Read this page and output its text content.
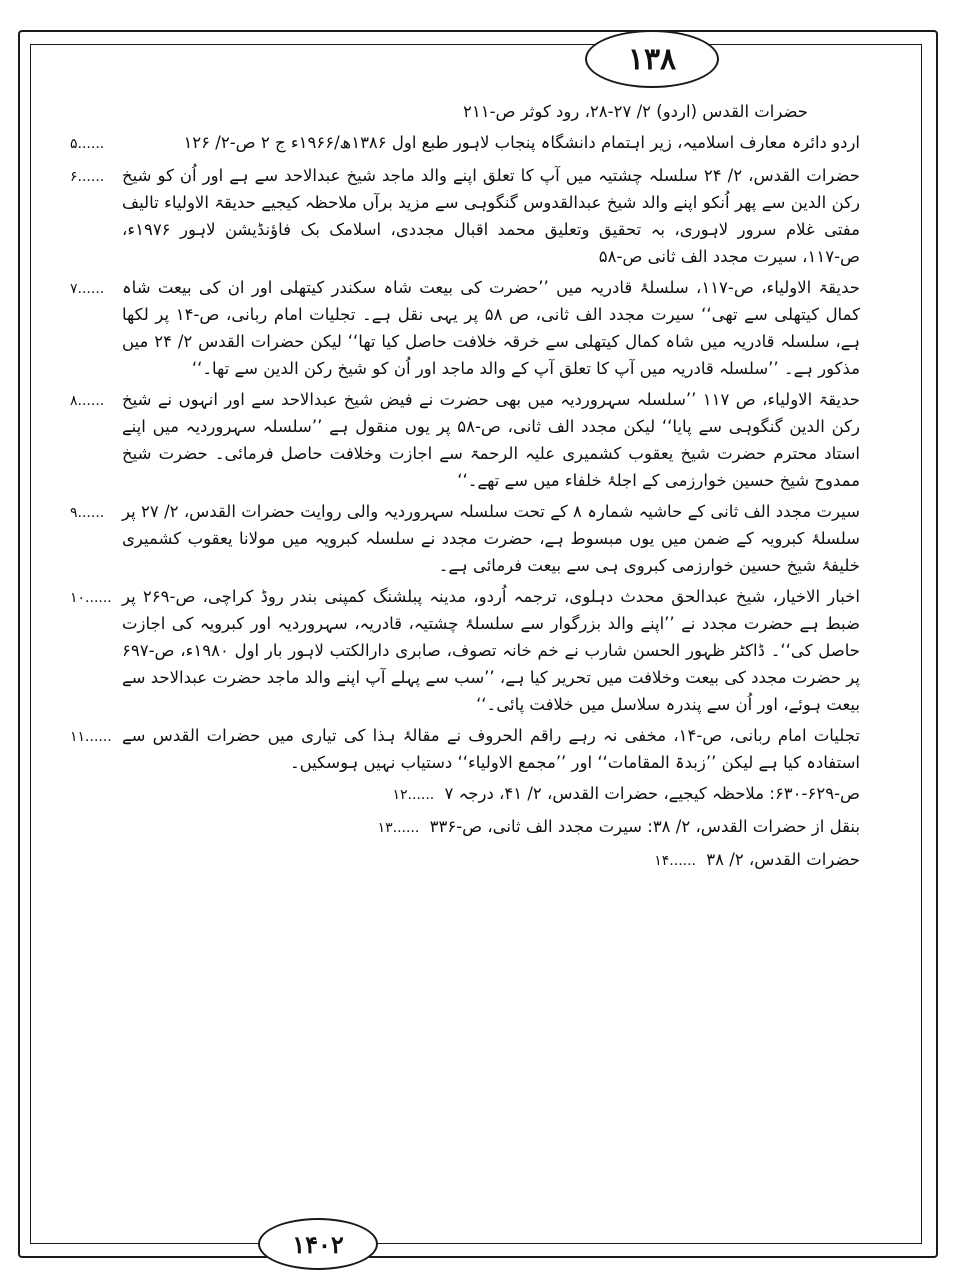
۱۳۸
حضرات القدس (اردو) ۲/ ۲۷-۲۸، رود کوثر ص-۲۱۱
اردو دائرہ معارف اسلامیہ، زیر اہتمام دانشگاہ پنجاب لاہور طبع اول ۱۳۸۶ھ/۱۹۶۶ء ج ۲ ص-۲/ ۱۲۶
۵......
حضرات القدس، ۲/ ۲۴ سلسلہ چشتیہ میں آپ کا تعلق اپنے والد ماجد شیخ عبدالاحد سے ہے اور اُن کو شیخ رکن الدین سے پھر اُنکو اپنے والد شیخ عبدالقدوس گنگوہی سے مزید برآں ملاحظہ کیجیے حدیقۃ الاولیاء تالیف مفتی غلام سرور لاہوری، بہ تحقیق وتعلیق محمد اقبال مجددی، اسلامک بک فاؤنڈیشن لاہور ۱۹۷۶ء، ص-۱۱۷، سیرت مجدد الف ثانی ص-۵۸
۶......
حدیقۃ الاولیاء، ص-۱۱۷، سلسلۂ قادریہ میں ’’حضرت کی بیعت شاہ سکندر کیتھلی اور ان کی بیعت شاہ کمال کیتھلی سے تھی‘‘ سیرت مجدد الف ثانی، ص ۵۸ پر یہی نقل ہے۔ تجلیات امام ربانی، ص-۱۴ پر لکھا ہے، سلسلہ قادریہ میں شاہ کمال کیتھلی سے خرقہ خلافت حاصل کیا تھا‘‘ لیکن حضرات القدس ۲/ ۲۴ میں مذکور ہے۔ ’’سلسلہ قادریہ میں آپ کا تعلق آپ کے والد ماجد اور اُن کو شیخ رکن الدین سے تھا۔‘‘
۷......
حدیقۃ الاولیاء، ص ۱۱۷ ’’سلسلہ سہروردیہ میں بھی حضرت نے فیض شیخ عبدالاحد سے اور انہوں نے شیخ رکن الدین گنگوہی سے پایا‘‘ لیکن مجدد الف ثانی، ص-۵۸ پر یوں منقول ہے ’’سلسلہ سہروردیہ میں اپنے استاد محترم حضرت شیخ یعقوب کشمیری علیہ الرحمۃ سے اجازت وخلافت حاصل فرمائی۔ حضرت شیخ ممدوح شیخ حسین خوارزمی کے اجلۂ خلفاء میں سے تھے۔‘‘
۸......
سیرت مجدد الف ثانی کے حاشیہ شمارہ ۸ کے تحت سلسلہ سہروردیہ والی روایت حضرات القدس، ۲/ ۲۷ پر سلسلۂ کبرویہ کے ضمن میں یوں مبسوط ہے، حضرت مجدد نے سلسلہ کبرویہ میں مولانا یعقوب کشمیری خلیفۂ شیخ حسین خوارزمی کبروی ہی سے بیعت فرمائی ہے۔
۹......
اخبار الاخیار، شیخ عبدالحق محدث دہلوی، ترجمہ اُردو، مدینہ پبلشنگ کمپنی بندر روڈ کراچی، ص-۲۶۹ پر ضبط ہے حضرت مجدد نے ’’اپنے والد بزرگوار سے سلسلۂ چشتیہ، قادریہ، سہروردیہ اور کبرویہ کی اجازت حاصل کی‘‘۔ ڈاکٹر ظہور الحسن شارب نے خم خانہ تصوف، صابری دارالکتب لاہور بار اول ۱۹۸۰ء، ص-۶۹۷ پر حضرت مجدد کی بیعت وخلافت میں تحریر کیا ہے، ’’سب سے پہلے آپ اپنے والد ماجد حضرت عبدالاحد سے بیعت ہوئے، اور اُن سے پندرہ سلاسل میں خلافت پائی۔‘‘
۱۰......
تجلیات امام ربانی، ص-۱۴، مخفی نہ رہے راقم الحروف نے مقالۂ ہذا کی تیاری میں حضرات القدس سے استفادہ کیا ہے لیکن ’’زبدۃ المقامات‘‘ اور ’’مجمع الاولیاء‘‘ دستیاب نہیں ہوسکیں۔
۱۱......
ص-۶۲۹-۶۳۰: ملاحظہ کیجیے، حضرات القدس، ۲/ ۴۱، درجہ ۷
۱۲......
بنقل از حضرات القدس، ۲/ ۳۸: سیرت مجدد الف ثانی، ص-۳۳۶
۱۳......
حضرات القدس، ۲/ ۳۸
۱۴......
۱۴۰۲
